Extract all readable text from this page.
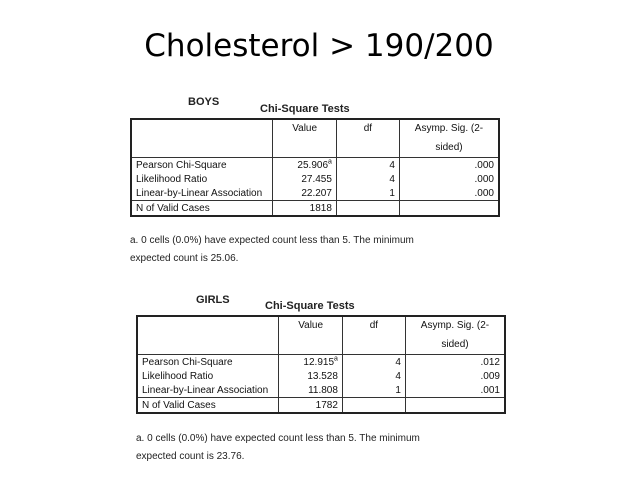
Cholesterol > 190/200
BOYS
Chi-Square Tests
	Value	df	Asymp. Sig. (2-
			sided)
Pearson Chi-Square	25.906$^a$	4	.000
Likelihood Ratio	27.455	4	.000
Linear-by-Linear Association	22.207	1	.000
N of Valid Cases	1818		
a. 0 cells (0.0%) have expected count less than 5. The minimum
expected count is 25.06.
GIRLS	Chi-Square Tests
	Value	df	Asymp. Sig. (2-
			sided)
Pearson Chi-Square	12.915$^a$	4	.012
Likelihood Ratio	13.528	4	.009
Linear-by-Linear Association	11.808	1	.001
N of Valid Cases	1782		
a. 0 cells (0.0%) have expected count less than 5. The minimum
expected count is 23.76.
